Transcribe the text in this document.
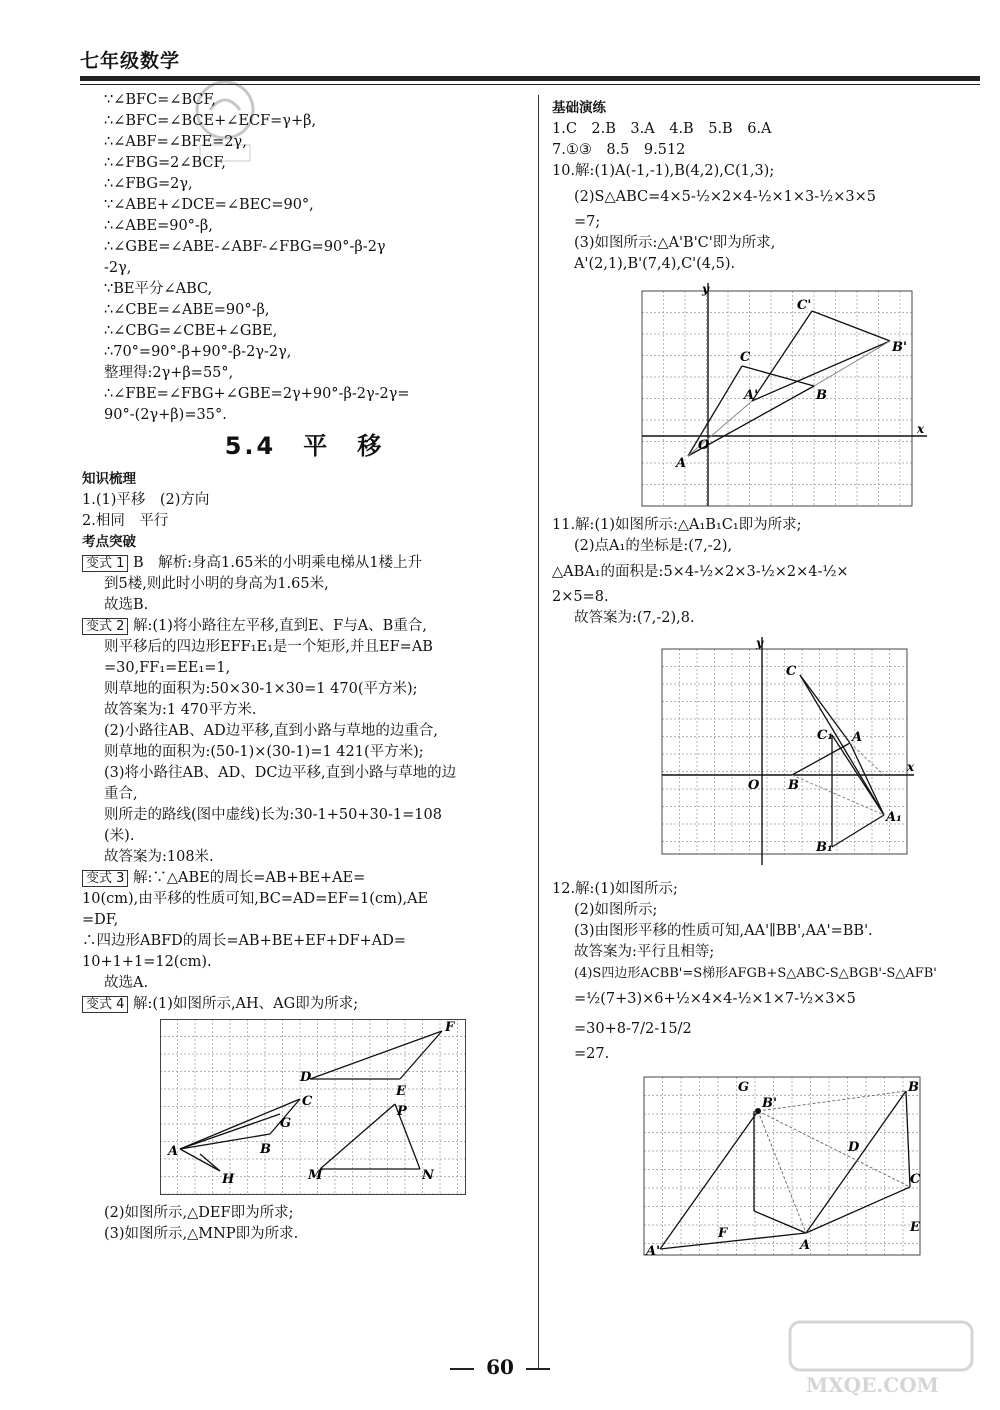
七年级数学
∵∠BFC=∠BCF,
∴∠BFC=∠BCE+∠ECF=γ+β,
∴∠ABF=∠BFE=2γ,
∴∠FBG=2∠BCF,
∴∠FBG=2γ,
∵∠ABE+∠DCE=∠BEC=90°,
∴∠ABE=90°-β,
∴∠GBE=∠ABE-∠ABF-∠FBG=90°-β-2γ
-2γ,
∵BE平分∠ABC,
∴∠CBE=∠ABE=90°-β,
∴∠CBG=∠CBE+∠GBE,
∴70°=90°-β+90°-β-2γ-2γ,
整理得:2γ+β=55°,
∴∠FBE=∠FBG+∠GBE=2γ+90°-β-2γ-2γ=
90°-(2γ+β)=35°.
5.4　平　移
知识梳理
1.(1)平移　(2)方向
2.相同　平行
考点突破
变式 1 B　解析:身高1.65米的小明乘电梯从1楼上升
到5楼,则此时小明的身高为1.65米,
故选B.
变式 2 解:(1)将小路往左平移,直到E、F与A、B重合,
则平移后的四边形EFF₁E₁是一个矩形,并且EF=AB
=30,FF₁=EE₁=1,
则草地的面积为:50×30-1×30=1 470(平方米);
故答案为:1 470平方米.
(2)小路往AB、AD边平移,直到小路与草地的边重合,
则草地的面积为:(50-1)×(30-1)=1 421(平方米);
(3)将小路往AB、AD、DC边平移,直到小路与草地的边
重合,
则所走的路线(图中虚线)长为:30-1+50+30-1=108
(米).
故答案为:108米.
变式 3 解:∵△ABE的周长=AB+BE+AE=
10(cm),由平移的性质可知,BC=AD=EF=1(cm),AE
=DF,
∴四边形ABFD的周长=AB+BE+EF+DF+AD=
10+1+1=12(cm).
故选A.
变式 4 解:(1)如图所示,AH、AG即为所求;
F
D
E
C
G
P
A	B
H	M	N
(2)如图所示,△DEF即为所求;
(3)如图所示,△MNP即为所求.
基础演练
1.C　2.B　3.A　4.B　5.B　6.A
7.①③　8.5　9.512
10.解:(1)A(-1,-1),B(4,2),C(1,3);
(2)S△ABC=4×5-½×2×4-½×1×3-½×3×5
=7;
(3)如图所示:△A'B'C'即为所求,
A'(2,1),B'(7,4),C'(4,5).
y
C'
B'
C
A'	B
O
A
x
11.解:(1)如图所示:△A₁B₁C₁即为所求;
(2)点A₁的坐标是:(7,-2),
△ABA₁的面积是:5×4-½×2×3-½×2×4-½×
2×5=8.
故答案为:(7,-2),8.
y
C
C₁ A
O B
x
A₁
B₁
12.解:(1)如图所示;
(2)如图所示;
(3)由图形平移的性质可知,AA'∥BB',AA'=BB'.
故答案为:平行且相等;
(4)S四边形ACBB'=S梯形AFGB+S△ABC-S△BGB'-S△AFB'
=½(7+3)×6+½×4×4-½×1×7-½×3×5
=30+8-7/2-15/2
=27.
G
B'
B
D
C
F
A
E
A'
60
MXQE.COM
